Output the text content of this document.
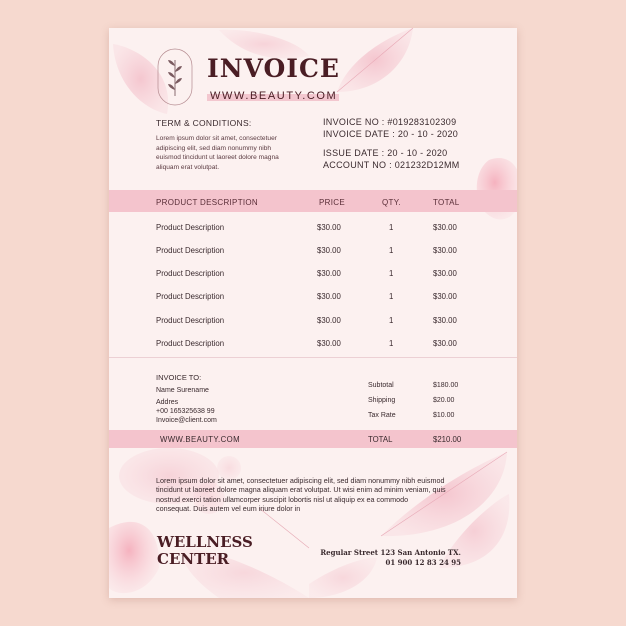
INVOICE
WWW.BEAUTY.COM
TERM & CONDITIONS:
Lorem ipsum dolor sit amet, consectetuer
adipiscing elit, sed diam nonummy nibh
euismod tincidunt ut laoreet dolore magna
aliquam erat volutpat.
INVOICE NO : #019283102309
INVOICE DATE : 20 - 10 - 2020
ISSUE DATE : 20 - 10 - 2020
ACCOUNT NO : 021232D12MM
PRODUCT DESCRIPTION	PRICE	QTY.	TOTAL
Product Description	$30.00	1	$30.00
Product Description	$30.00	1	$30.00
Product Description	$30.00	1	$30.00
Product Description	$30.00	1	$30.00
Product Description	$30.00	1	$30.00
Product Description	$30.00	1	$30.00
INVOICE TO:
Name Surename
Addres
+00 165325638 99
Invoice@client.com
Subtotal	$180.00
Shipping	$20.00
Tax Rate	$10.00
WWW.BEAUTY.COM	TOTAL	$210.00
Lorem ipsum dolor sit amet, consectetuer adipiscing elit, sed diam nonummy nibh euismod
tincidunt ut laoreet dolore magna aliquam erat volutpat. Ut wisi enim ad minim veniam, quis
nostrud exerci tation ullamcorper suscipit lobortis nisl ut aliquip ex ea commodo
consequat. Duis autem vel eum iriure dolor in
WELLNESS
CENTER	Regular Street 123 San Antonio TX.
01 900 12 83 24 95
